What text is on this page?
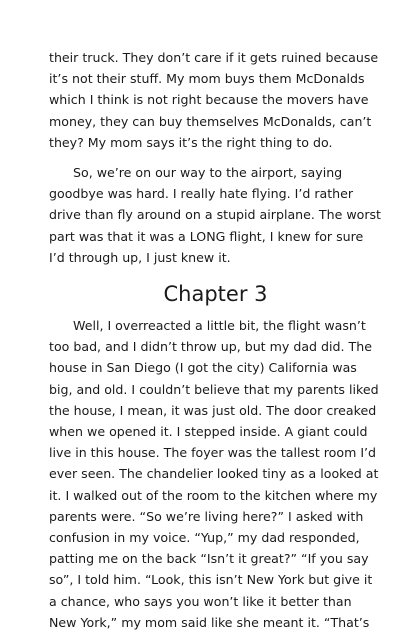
their truck. They don’t care if it gets ruined because it’s not their stuff. My mom buys them McDonalds which I think is not right because the movers have money, they can buy themselves McDonalds, can’t they? My mom says it’s the right thing to do.

So, we’re on our way to the airport, saying goodbye was hard. I really hate flying. I’d rather drive than fly around on a stupid airplane. The worst part was that it was a LONG flight, I knew for sure I’d through up, I just knew it.

Chapter 3

Well, I overreacted a little bit, the flight wasn’t too bad, and I didn’t throw up, but my dad did. The house in San Diego (I got the city) California was big, and old. I couldn’t believe that my parents liked the house, I mean, it was just old. The door creaked when we opened it. I stepped inside. A giant could live in this house. The foyer was the tallest room I’d ever seen. The chandelier looked tiny as a looked at it. I walked out of the room to the kitchen where my parents were. “So we’re living here?” I asked with confusion in my voice. “Yup,” my dad responded, patting me on the back “Isn’t it great?” “If you say so”, I told him. “Look, this isn’t New York but give it a chance, who says you won’t like it better than New York,” my mom said like she meant it. “That’s
